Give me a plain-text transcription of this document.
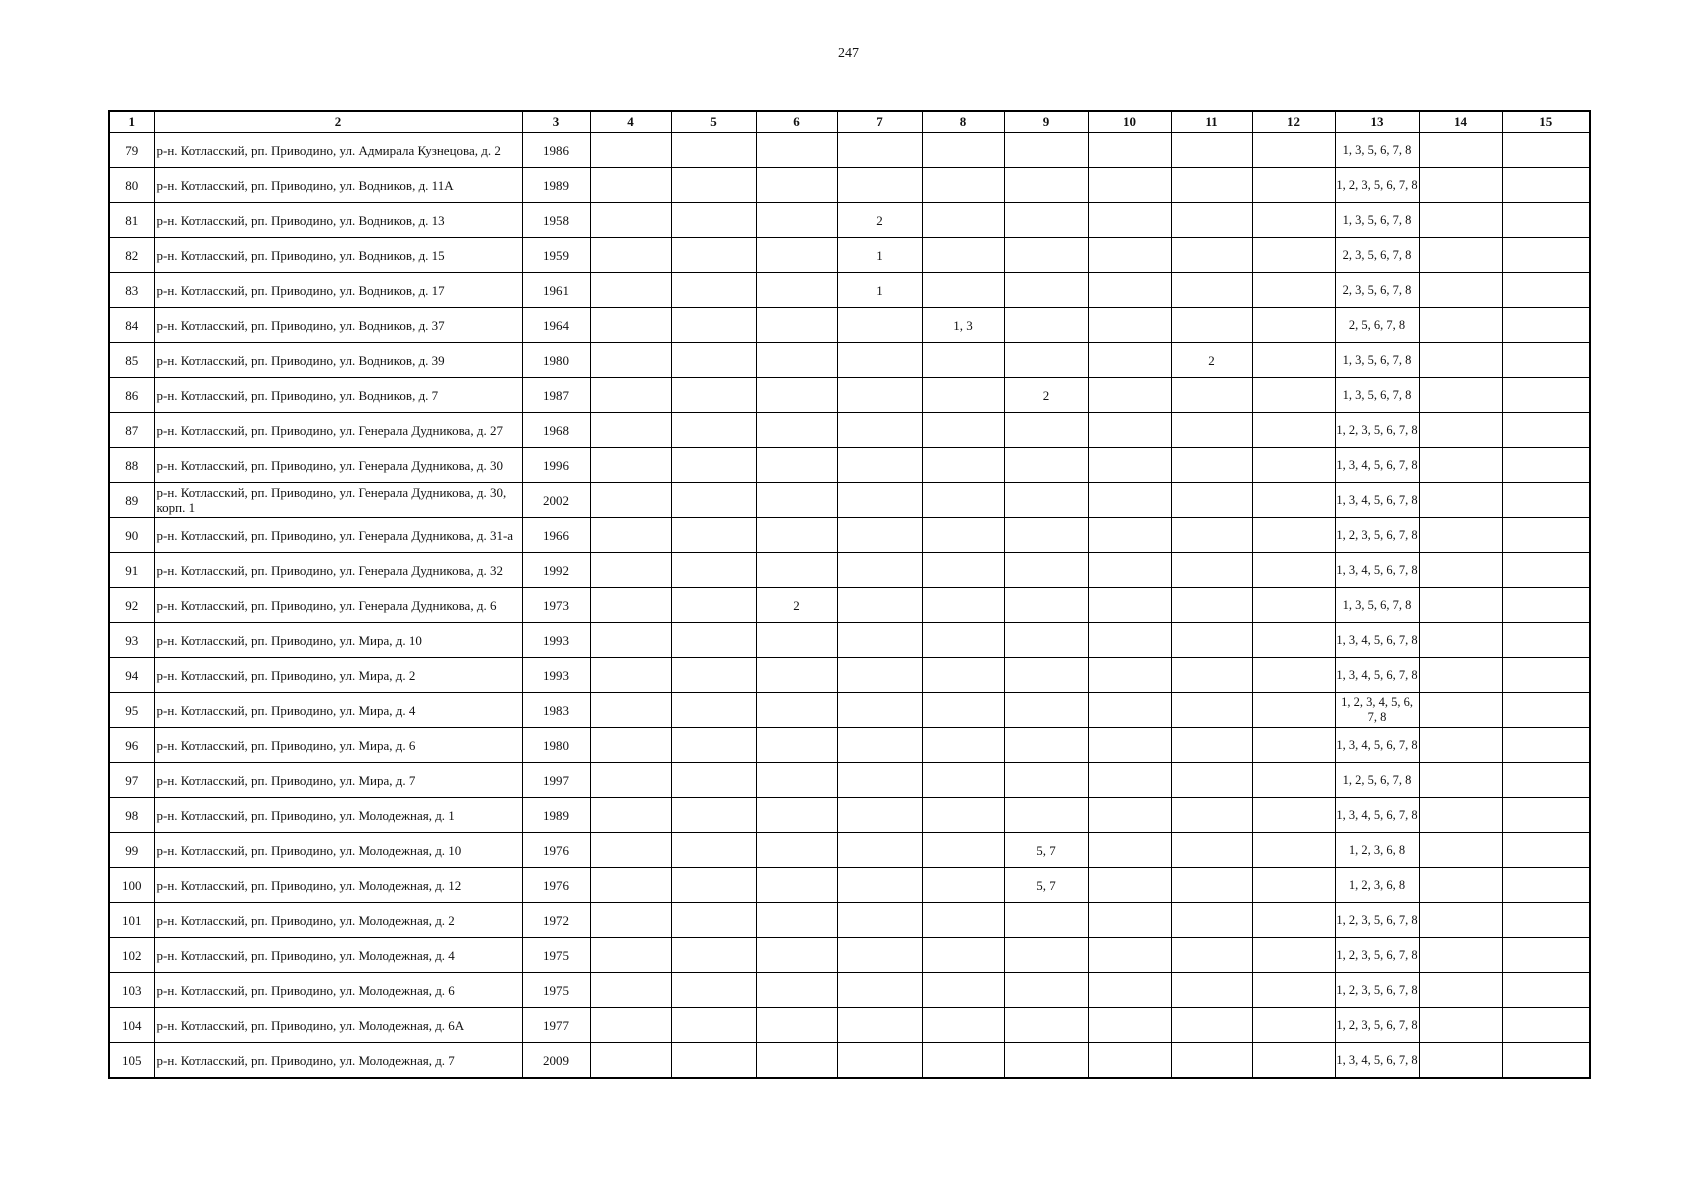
247
1	2	3	4	5	6	7	8	9	10	11	12	13	14	15
79	р-н. Котласский, рп. Приводино, ул. Адмирала Кузнецова, д. 2	1986										1, 3, 5, 6, 7, 8		
80	р-н. Котласский, рп. Приводино, ул. Водников, д. 11А	1989										1, 2, 3, 5, 6, 7, 8		
81	р-н. Котласский, рп. Приводино, ул. Водников, д. 13	1958				2						1, 3, 5, 6, 7, 8		
82	р-н. Котласский, рп. Приводино, ул. Водников, д. 15	1959				1						2, 3, 5, 6, 7, 8		
83	р-н. Котласский, рп. Приводино, ул. Водников, д. 17	1961				1						2, 3, 5, 6, 7, 8		
84	р-н. Котласский, рп. Приводино, ул. Водников, д. 37	1964					1, 3					2, 5, 6, 7, 8		
85	р-н. Котласский, рп. Приводино, ул. Водников, д. 39	1980								2		1, 3, 5, 6, 7, 8		
86	р-н. Котласский, рп. Приводино, ул. Водников, д. 7	1987						2				1, 3, 5, 6, 7, 8		
87	р-н. Котласский, рп. Приводино, ул. Генерала Дудникова, д. 27	1968										1, 2, 3, 5, 6, 7, 8		
88	р-н. Котласский, рп. Приводино, ул. Генерала Дудникова, д. 30	1996										1, 3, 4, 5, 6, 7, 8		
89	р-н. Котласский, рп. Приводино, ул. Генерала Дудникова, д. 30, корп. 1	2002										1, 3, 4, 5, 6, 7, 8		
90	р-н. Котласский, рп. Приводино, ул. Генерала Дудникова, д. 31-а	1966										1, 2, 3, 5, 6, 7, 8		
91	р-н. Котласский, рп. Приводино, ул. Генерала Дудникова, д. 32	1992										1, 3, 4, 5, 6, 7, 8		
92	р-н. Котласский, рп. Приводино, ул. Генерала Дудникова, д. 6	1973			2							1, 3, 5, 6, 7, 8		
93	р-н. Котласский, рп. Приводино, ул. Мира, д. 10	1993										1, 3, 4, 5, 6, 7, 8		
94	р-н. Котласский, рп. Приводино, ул. Мира, д. 2	1993										1, 3, 4, 5, 6, 7, 8		
95	р-н. Котласский, рп. Приводино, ул. Мира, д. 4	1983										1, 2, 3, 4, 5, 6, 7, 8		
96	р-н. Котласский, рп. Приводино, ул. Мира, д. 6	1980										1, 3, 4, 5, 6, 7, 8		
97	р-н. Котласский, рп. Приводино, ул. Мира, д. 7	1997										1, 2, 5, 6, 7, 8		
98	р-н. Котласский, рп. Приводино, ул. Молодежная, д. 1	1989										1, 3, 4, 5, 6, 7, 8		
99	р-н. Котласский, рп. Приводино, ул. Молодежная, д. 10	1976						5, 7				1, 2, 3, 6, 8		
100	р-н. Котласский, рп. Приводино, ул. Молодежная, д. 12	1976						5, 7				1, 2, 3, 6, 8		
101	р-н. Котласский, рп. Приводино, ул. Молодежная, д. 2	1972										1, 2, 3, 5, 6, 7, 8		
102	р-н. Котласский, рп. Приводино, ул. Молодежная, д. 4	1975										1, 2, 3, 5, 6, 7, 8		
103	р-н. Котласский, рп. Приводино, ул. Молодежная, д. 6	1975										1, 2, 3, 5, 6, 7, 8		
104	р-н. Котласский, рп. Приводино, ул. Молодежная, д. 6А	1977										1, 2, 3, 5, 6, 7, 8		
105	р-н. Котласский, рп. Приводино, ул. Молодежная, д. 7	2009										1, 3, 4, 5, 6, 7, 8		
